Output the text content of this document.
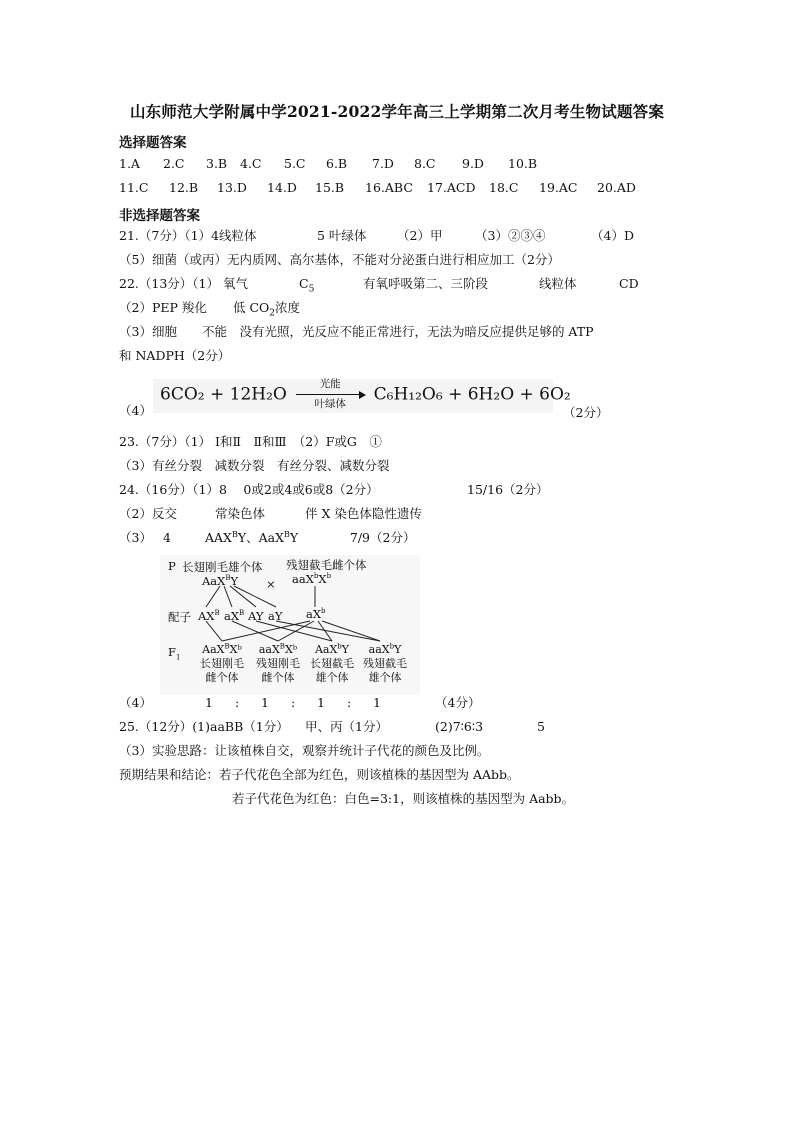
山东师范大学附属中学2021-2022学年高三上学期第二次月考生物试题答案
选择题答案
1.A 2.C 3.B 4.C 5.C 6.B 7.D 8.C 9.D 10.B
11.C 12.B 13.D 14.D 15.B 16.ABC 17.ACD 18.C 19.AC 20.AD
非选择题答案
21.（7分）（1）4线粒体	5 叶绿体 （2）甲	（3）②③④	（4）D
（5）细菌（或丙）无内质网、高尔基体，不能对分泌蛋白进行相应加工（2分）
22.（13分）（1） 氧气	$C_5$	有氧呼吸第二、三阶段	线粒体	CD
（2）PEP 羧化 低 $CO_2$浓度
（3）细胞　　不能　没有光照，光反应不能正常进行，无法为暗反应提供足够的 ATP
和 NADPH（2分）
（4）
6CO₂ + 12H₂O
光能
叶绿体	C₆H₁₂O₆ + 6H₂O + 6O₂
（2分）
23.（7分）（1） Ⅰ和Ⅱ　Ⅱ和Ⅲ　（2）F或G　①
（3）有丝分裂　减数分裂　有丝分裂、减数分裂
24.（16分）（1）8　 0或2或4或6或8（2分）	15/16（2分）
（2）反交	常染色体	伴 X 染色体隐性遗传
（3） 4	$AAX^BY$、AaX$^B$Y	7/9（2分）
P 长翅刚毛雄个体 残翅截毛雌个体
$AaX^BY \times aaX^bX^b$
配子 $AX^B$ $aX^B$ AY aY $aX^b$
$F_1$
AaX$^B$Xᵇ
长翅刚毛
雌个体
aaX$^B$Xᵇ
残翅刚毛
雌个体
AaX$^b$Y
长翅截毛
雄个体
aaX$^b$Y
残翅截毛
雄个体
（4）	1 : 1 : 1 : 1	（4分）
25.（12分）(1)aaBB（1分） 甲、丙（1分）	(2)7∶6∶3	5
（3）实验思路：让该植株自交，观察并统计子代花的颜色及比例。
预期结果和结论：若子代花色全部为红色，则该植株的基因型为 AAbb。
若子代花色为红色：白色=3:1，则该植株的基因型为 Aabb。
